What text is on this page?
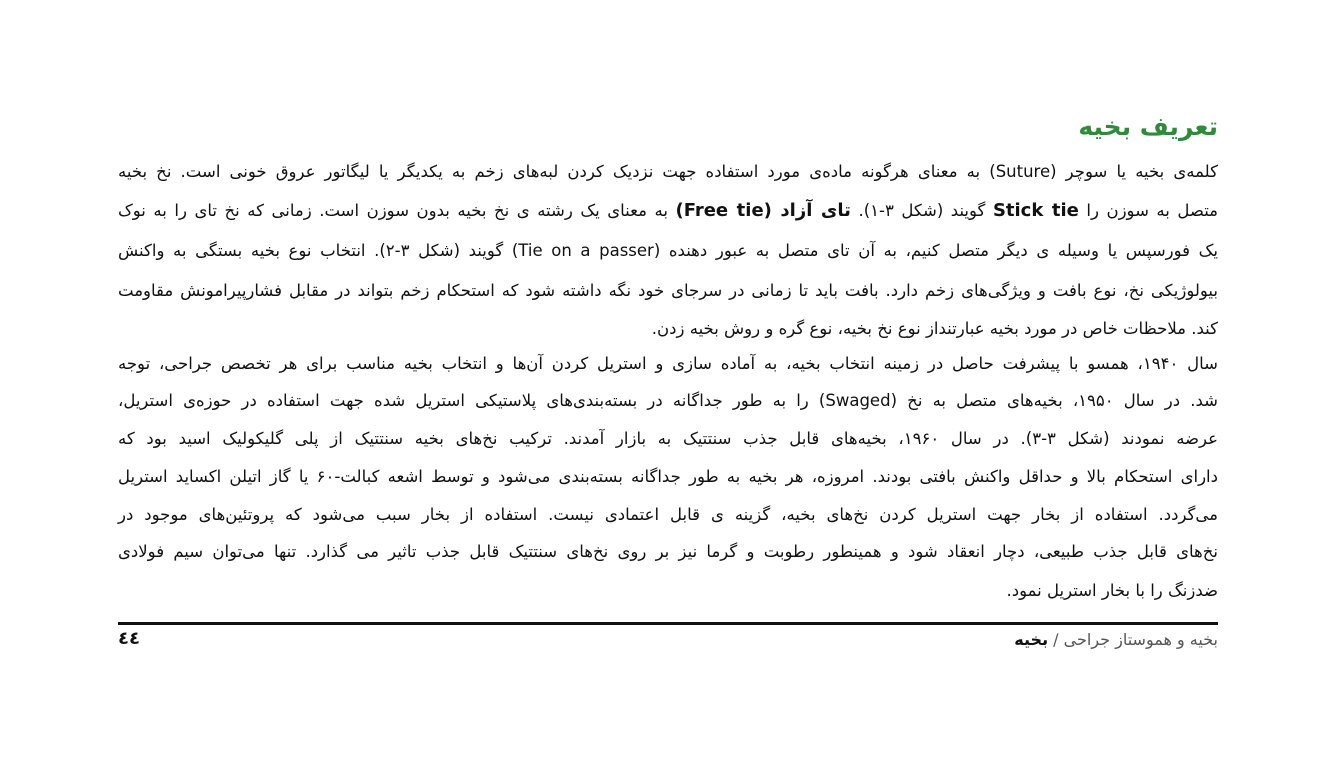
تعریف بخیه
کلمه‌ی بخیه یا سوچر (Suture) به معنای هرگونه ماده‌ی مورد استفاده جهت نزدیک کردن لبه‌های زخم به یکدیگر یا لیگاتور عروق خونی است. نخ بخیه
متصل به سوزن را Stick tie گویند (شکل ۳-۱). تای آزاد (Free tie) به معنای یک رشته ی نخ بخیه بدون سوزن است. زمانی که نخ تای را به نوک
یک فورسپس یا وسیله ی دیگر متصل کنیم، به آن تای متصل به عبور دهنده (Tie on a passer) گویند (شکل ۳-۲). انتخاب نوع بخیه بستگی به واکنش
بیولوژیکی نخ، نوع بافت و ویژگی‌های زخم دارد. بافت باید تا زمانی در سرجای خود نگه داشته شود که استحکام زخم بتواند در مقابل فشارپیرامونش مقاومت
کند. ملاحظات خاص در مورد بخیه عبارتنداز نوع نخ بخیه، نوع گره و روش بخیه زدن.
سال ۱۹۴۰، همسو با پیشرفت حاصل در زمینه انتخاب بخیه، به آماده سازی و استریل کردن آن‌ها و انتخاب بخیه مناسب برای هر تخصص جراحی، توجه
شد. در سال ۱۹۵۰، بخیه‌های متصل به نخ (Swaged) را به طور جداگانه در بسته‌بندی‌های پلاستیکی استریل شده جهت استفاده در حوزه‌ی استریل،
عرضه نمودند (شکل ۳-۳). در سال ۱۹۶۰، بخیه‌های قابل جذب سنتتیک به بازار آمدند. ترکیب نخ‌های بخیه سنتتیک از پلی گلیکولیک اسید بود که
دارای استحکام بالا و حداقل واکنش بافتی بودند. امروزه، هر بخیه به طور جداگانه بسته‌بندی می‌شود و توسط اشعه کبالت-۶۰ یا گاز اتیلن اکساید استریل
می‌گردد. استفاده از بخار جهت استریل کردن نخ‌های بخیه، گزینه ی قابل اعتمادی نیست. استفاده از بخار سبب می‌شود که پروتئین‌های موجود در
نخ‌های قابل جذب طبیعی، دچار انعقاد شود و همینطور رطوبت و گرما نیز بر روی نخ‌های سنتتیک قابل جذب تاثیر می گذارد. تنها می‌توان سیم فولادی
ضدزنگ را با بخار استریل نمود.
بخیه و هموستاز جراحی / بخیه
٤٤
